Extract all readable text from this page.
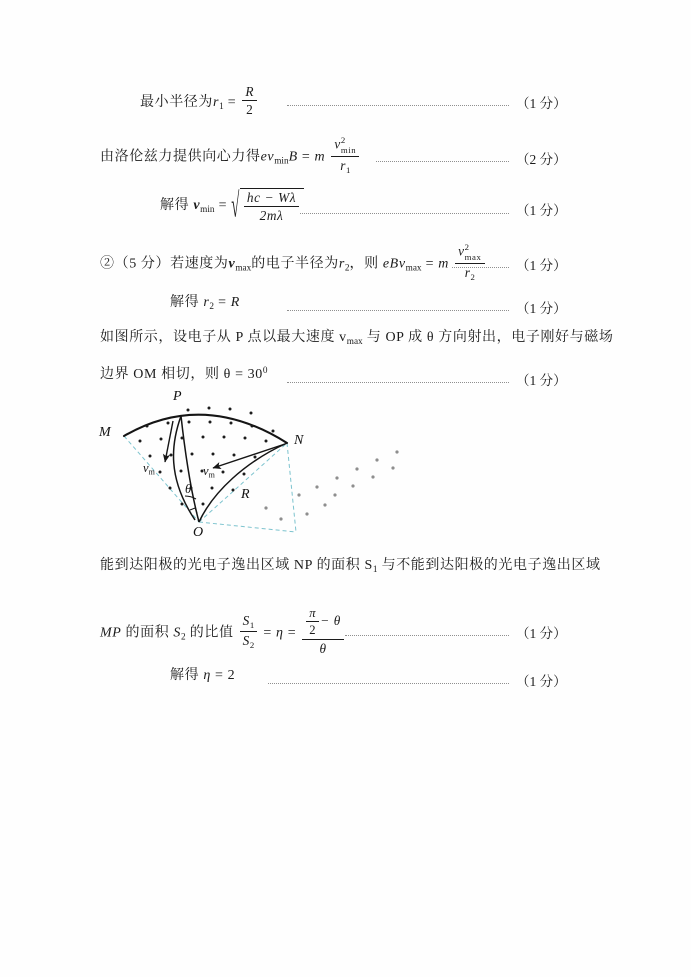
最小半径为$r_1 = \frac{R}{2}$	（1 分）
由洛伦兹力提供向心力得$ev_{min}B = m$ v 2
min
$r_1$	（2 分）
解得 $v_{min}$ = √ $\frac{hc - W\lambda}{2m\lambda}$	（1 分）
②（5 分）若速度为$v_{max}$的电子半径为$r_2$，则 eBv$_{max}$ = m v 2
max
$r_2$ （1 分）
解得 $r_2 = R$	（1 分）
如图所示，设电子从 P 点以最大速度 $v_{max}$ 与 OP 成 θ 方向射出，电子刚好与磁场
边界 OM 相切，则 $\theta = 30^0$
（1 分）
P
M
N
O
R
θ
vm	vm
能到达阳极的光电子逸出区域 NP 的面积 $S_1$ 与不能到达阳极的光电子逸出区域
MP 的面积 $S_2$ 的比值 $\frac{S_1}{S_2} = \eta = \frac{\frac{\pi}{2} - \theta}{\theta}$	（1 分）
解得 η = 2	（1 分）
